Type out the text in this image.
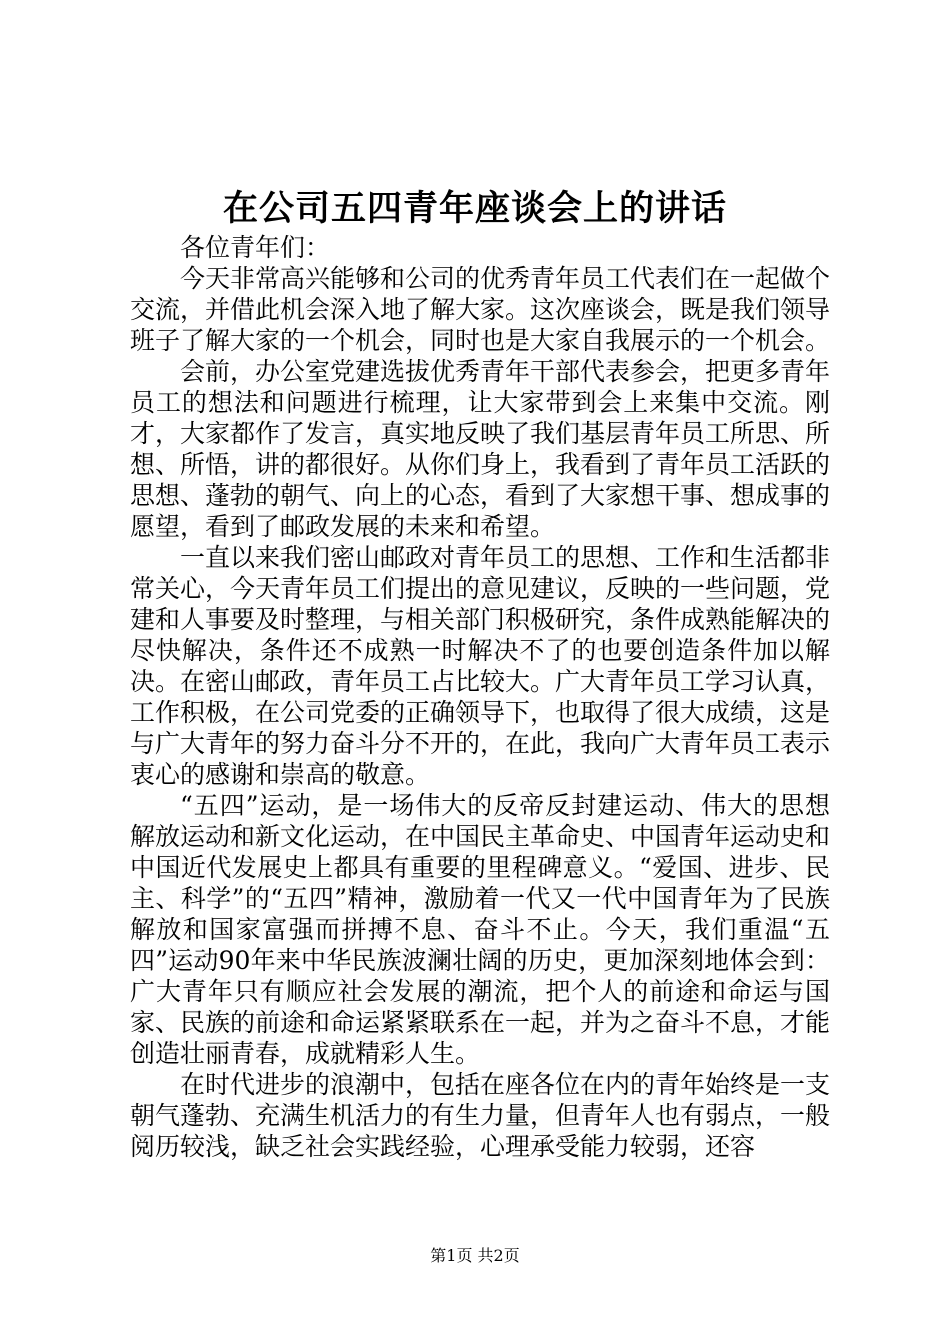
在公司五四青年座谈会上的讲话

各位青年们：

今天非常高兴能够和公司的优秀青年员工代表们在一起做个交流，并借此机会深入地了解大家。这次座谈会，既是我们领导班子了解大家的一个机会，同时也是大家自我展示的一个机会。

会前，办公室党建选拔优秀青年干部代表参会，把更多青年员工的想法和问题进行梳理，让大家带到会上来集中交流。刚才，大家都作了发言，真实地反映了我们基层青年员工所思、所想、所悟，讲的都很好。从你们身上，我看到了青年员工活跃的思想、蓬勃的朝气、向上的心态，看到了大家想干事、想成事的愿望，看到了邮政发展的未来和希望。

一直以来我们密山邮政对青年员工的思想、工作和生活都非常关心，今天青年员工们提出的意见建议，反映的一些问题，党建和人事要及时整理，与相关部门积极研究，条件成熟能解决的尽快解决，条件还不成熟一时解决不了的也要创造条件加以解决。在密山邮政，青年员工占比较大。广大青年员工学习认真，工作积极，在公司党委的正确领导下，也取得了很大成绩，这是与广大青年的努力奋斗分不开的，在此，我向广大青年员工表示衷心的感谢和崇高的敬意。

“五四”运动，是一场伟大的反帝反封建运动、伟大的思想解放运动和新文化运动，在中国民主革命史、中国青年运动史和中国近代发展史上都具有重要的里程碑意义。“爱国、进步、民主、科学”的“五四”精神，激励着一代又一代中国青年为了民族解放和国家富强而拼搏不息、奋斗不止。今天，我们重温“五四”运动90年来中华民族波澜壮阔的历史，更加深刻地体会到：广大青年只有顺应社会发展的潮流，把个人的前途和命运与国家、民族的前途和命运紧紧联系在一起，并为之奋斗不息，才能创造壮丽青春，成就精彩人生。

在时代进步的浪潮中，包括在座各位在内的青年始终是一支朝气蓬勃、充满生机活力的有生力量，但青年人也有弱点，一般阅历较浅，缺乏社会实践经验，心理承受能力较弱，还容

第1页 共2页
